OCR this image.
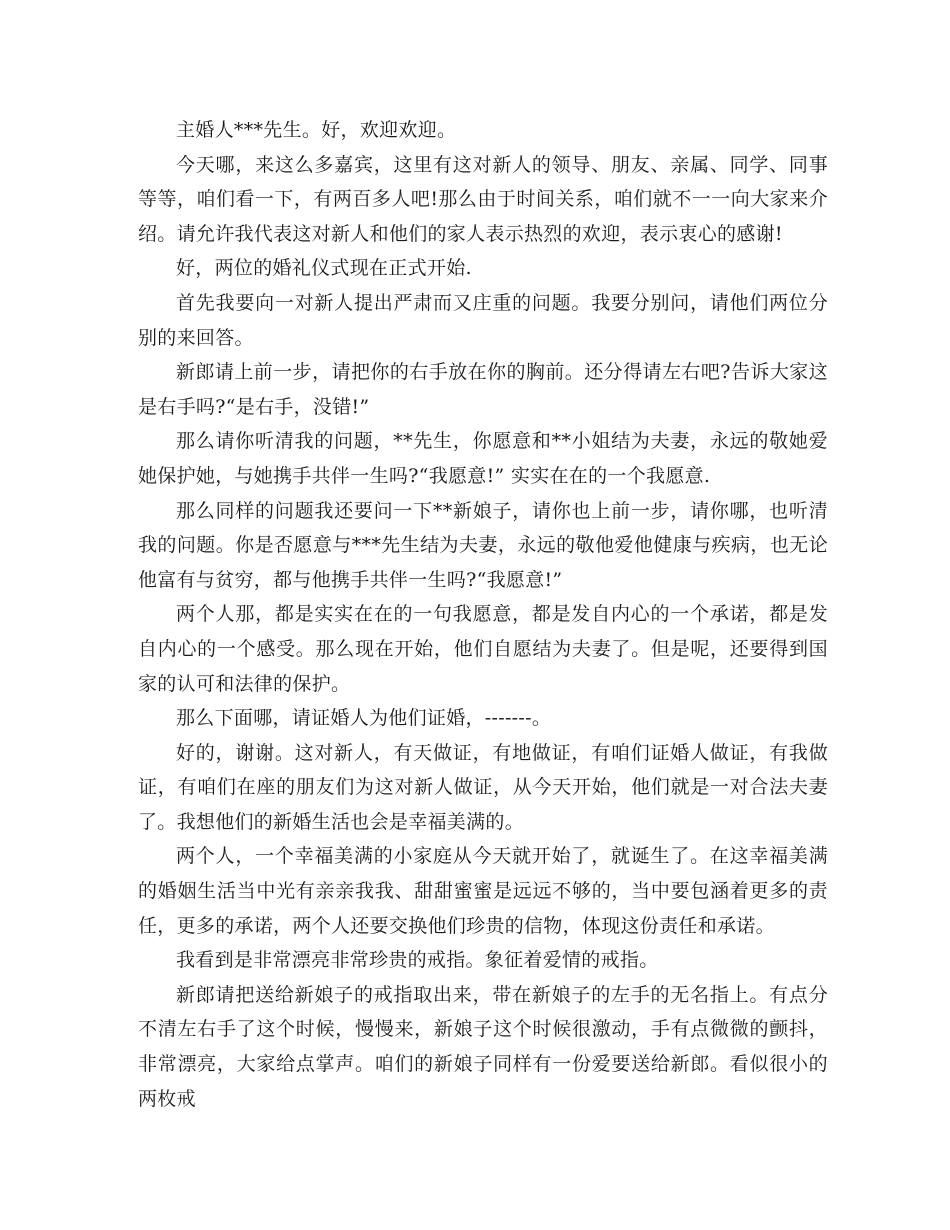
主婚人***先生。好，欢迎欢迎。

今天哪，来这么多嘉宾，这里有这对新人的领导、朋友、亲属、同学、同事等等，咱们看一下，有两百多人吧!那么由于时间关系，咱们就不一一向大家来介绍。请允许我代表这对新人和他们的家人表示热烈的欢迎，表示衷心的感谢!

好，两位的婚礼仪式现在正式开始.

首先我要向一对新人提出严肃而又庄重的问题。我要分别问，请他们两位分别的来回答。

新郎请上前一步，请把你的右手放在你的胸前。还分得请左右吧?告诉大家这是右手吗?“是右手，没错!”

那么请你听清我的问题，**先生，你愿意和**小姐结为夫妻，永远的敬她爱她保护她，与她携手共伴一生吗?“我愿意!” 实实在在的一个我愿意.

那么同样的问题我还要问一下**新娘子，请你也上前一步，请你哪，也听清我的问题。你是否愿意与***先生结为夫妻，永远的敬他爱他健康与疾病，也无论他富有与贫穷，都与他携手共伴一生吗?“我愿意!”

两个人那，都是实实在在的一句我愿意，都是发自内心的一个承诺，都是发自内心的一个感受。那么现在开始，他们自愿结为夫妻了。但是呢，还要得到国家的认可和法律的保护。

那么下面哪，请证婚人为他们证婚，-------。

好的，谢谢。这对新人，有天做证，有地做证，有咱们证婚人做证，有我做证，有咱们在座的朋友们为这对新人做证，从今天开始，他们就是一对合法夫妻了。我想他们的新婚生活也会是幸福美满的。

两个人，一个幸福美满的小家庭从今天就开始了，就诞生了。在这幸福美满的婚姻生活当中光有亲亲我我、甜甜蜜蜜是远远不够的，当中要包涵着更多的责任，更多的承诺，两个人还要交换他们珍贵的信物，体现这份责任和承诺。

我看到是非常漂亮非常珍贵的戒指。象征着爱情的戒指。

新郎请把送给新娘子的戒指取出来，带在新娘子的左手的无名指上。有点分不清左右手了这个时候，慢慢来，新娘子这个时候很激动，手有点微微的颤抖，非常漂亮，大家给点掌声。咱们的新娘子同样有一份爱要送给新郎。看似很小的两枚戒
